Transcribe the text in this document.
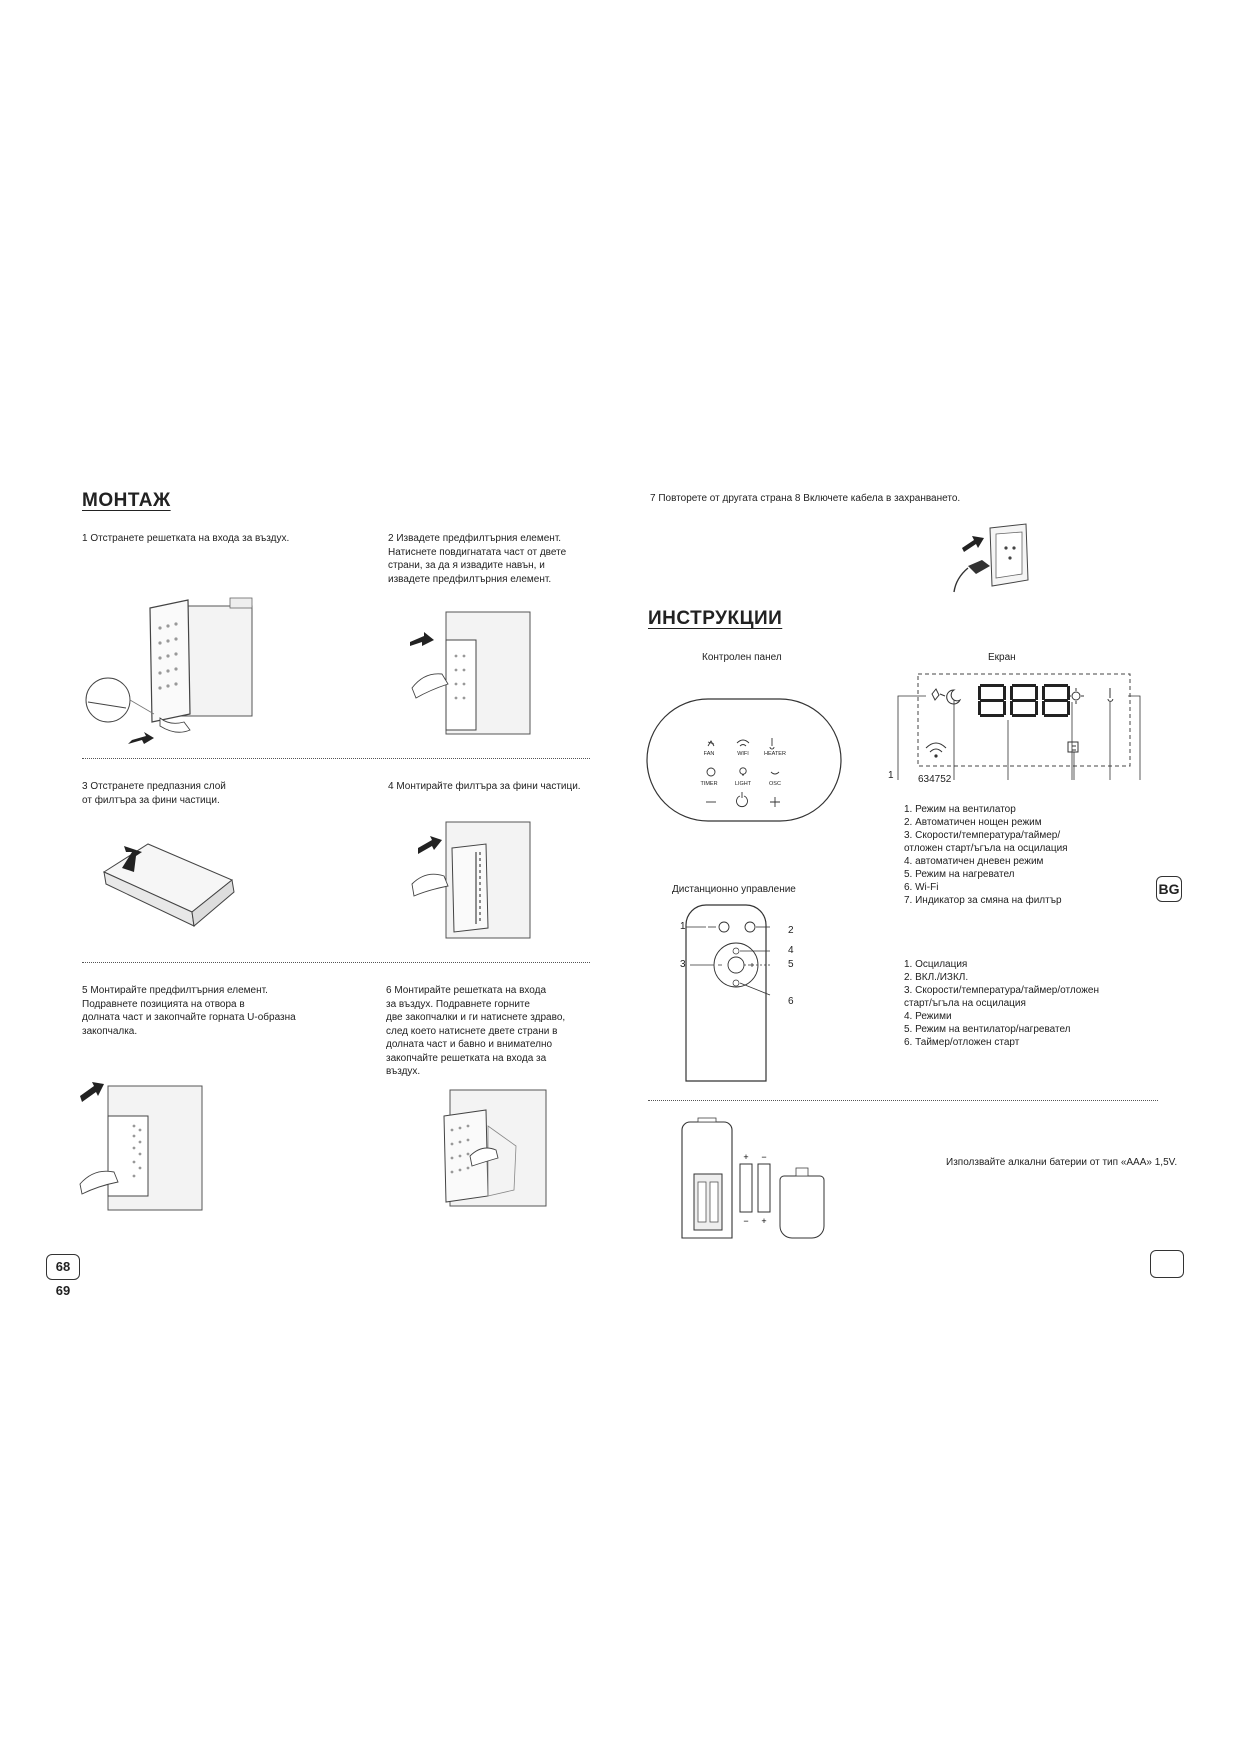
МОНТАЖ
1 Отстранете решетката на входа за въздух.	2 Извадете предфилтърния елемент.
Натиснете повдигнатата част от двете
страни, за да я извадите навън, и
извадете предфилтърния елемент.
3 Отстранете предпазния слой
от филтъра за фини частици.
4 Монтирайте филтъра за фини частици.
5 Монтирайте предфилтърния елемент.
Подравнете позицията на отвора в
долната част и закопчайте горната U-образна
закопчалка.
6 Монтирайте решетката на входа
за въздух. Подравнете горните
две закопчалки и ги натиснете здраво,
след което натиснете двете страни в
долната част и бавно и внимателно
закопчайте решетката на входа за
въздух.
68 69
7 Повторете от другата страна 8 Включете кабела в захранването.
ИНСТРУКЦИИ
Контролен панел	Екран
FAN	WIFI	HEATER
TIMER	LIGHT	OSC
1 634752
1. Режим на вентилатор
2. Автоматичен нощен режим
3. Скорости/температура/таймер/
отложен старт/ъгъла на осцилация
4. автоматичен дневен режим
5. Режим на нагревател
6. Wi-Fi
7. Индикатор за смяна на филтър
Дистанционно управление
1	2
3
4
5
6
1. Осцилация
2. ВКЛ./ИЗКЛ.
3. Скорости/температура/таймер/отложен
старт/ъгъла на осцилация
4. Режими
5. Режим на вентилатор/нагревател
6. Таймер/отложен старт
+ −
− +
Използвайте алкални батерии от тип «AAA» 1,5V.
BG
